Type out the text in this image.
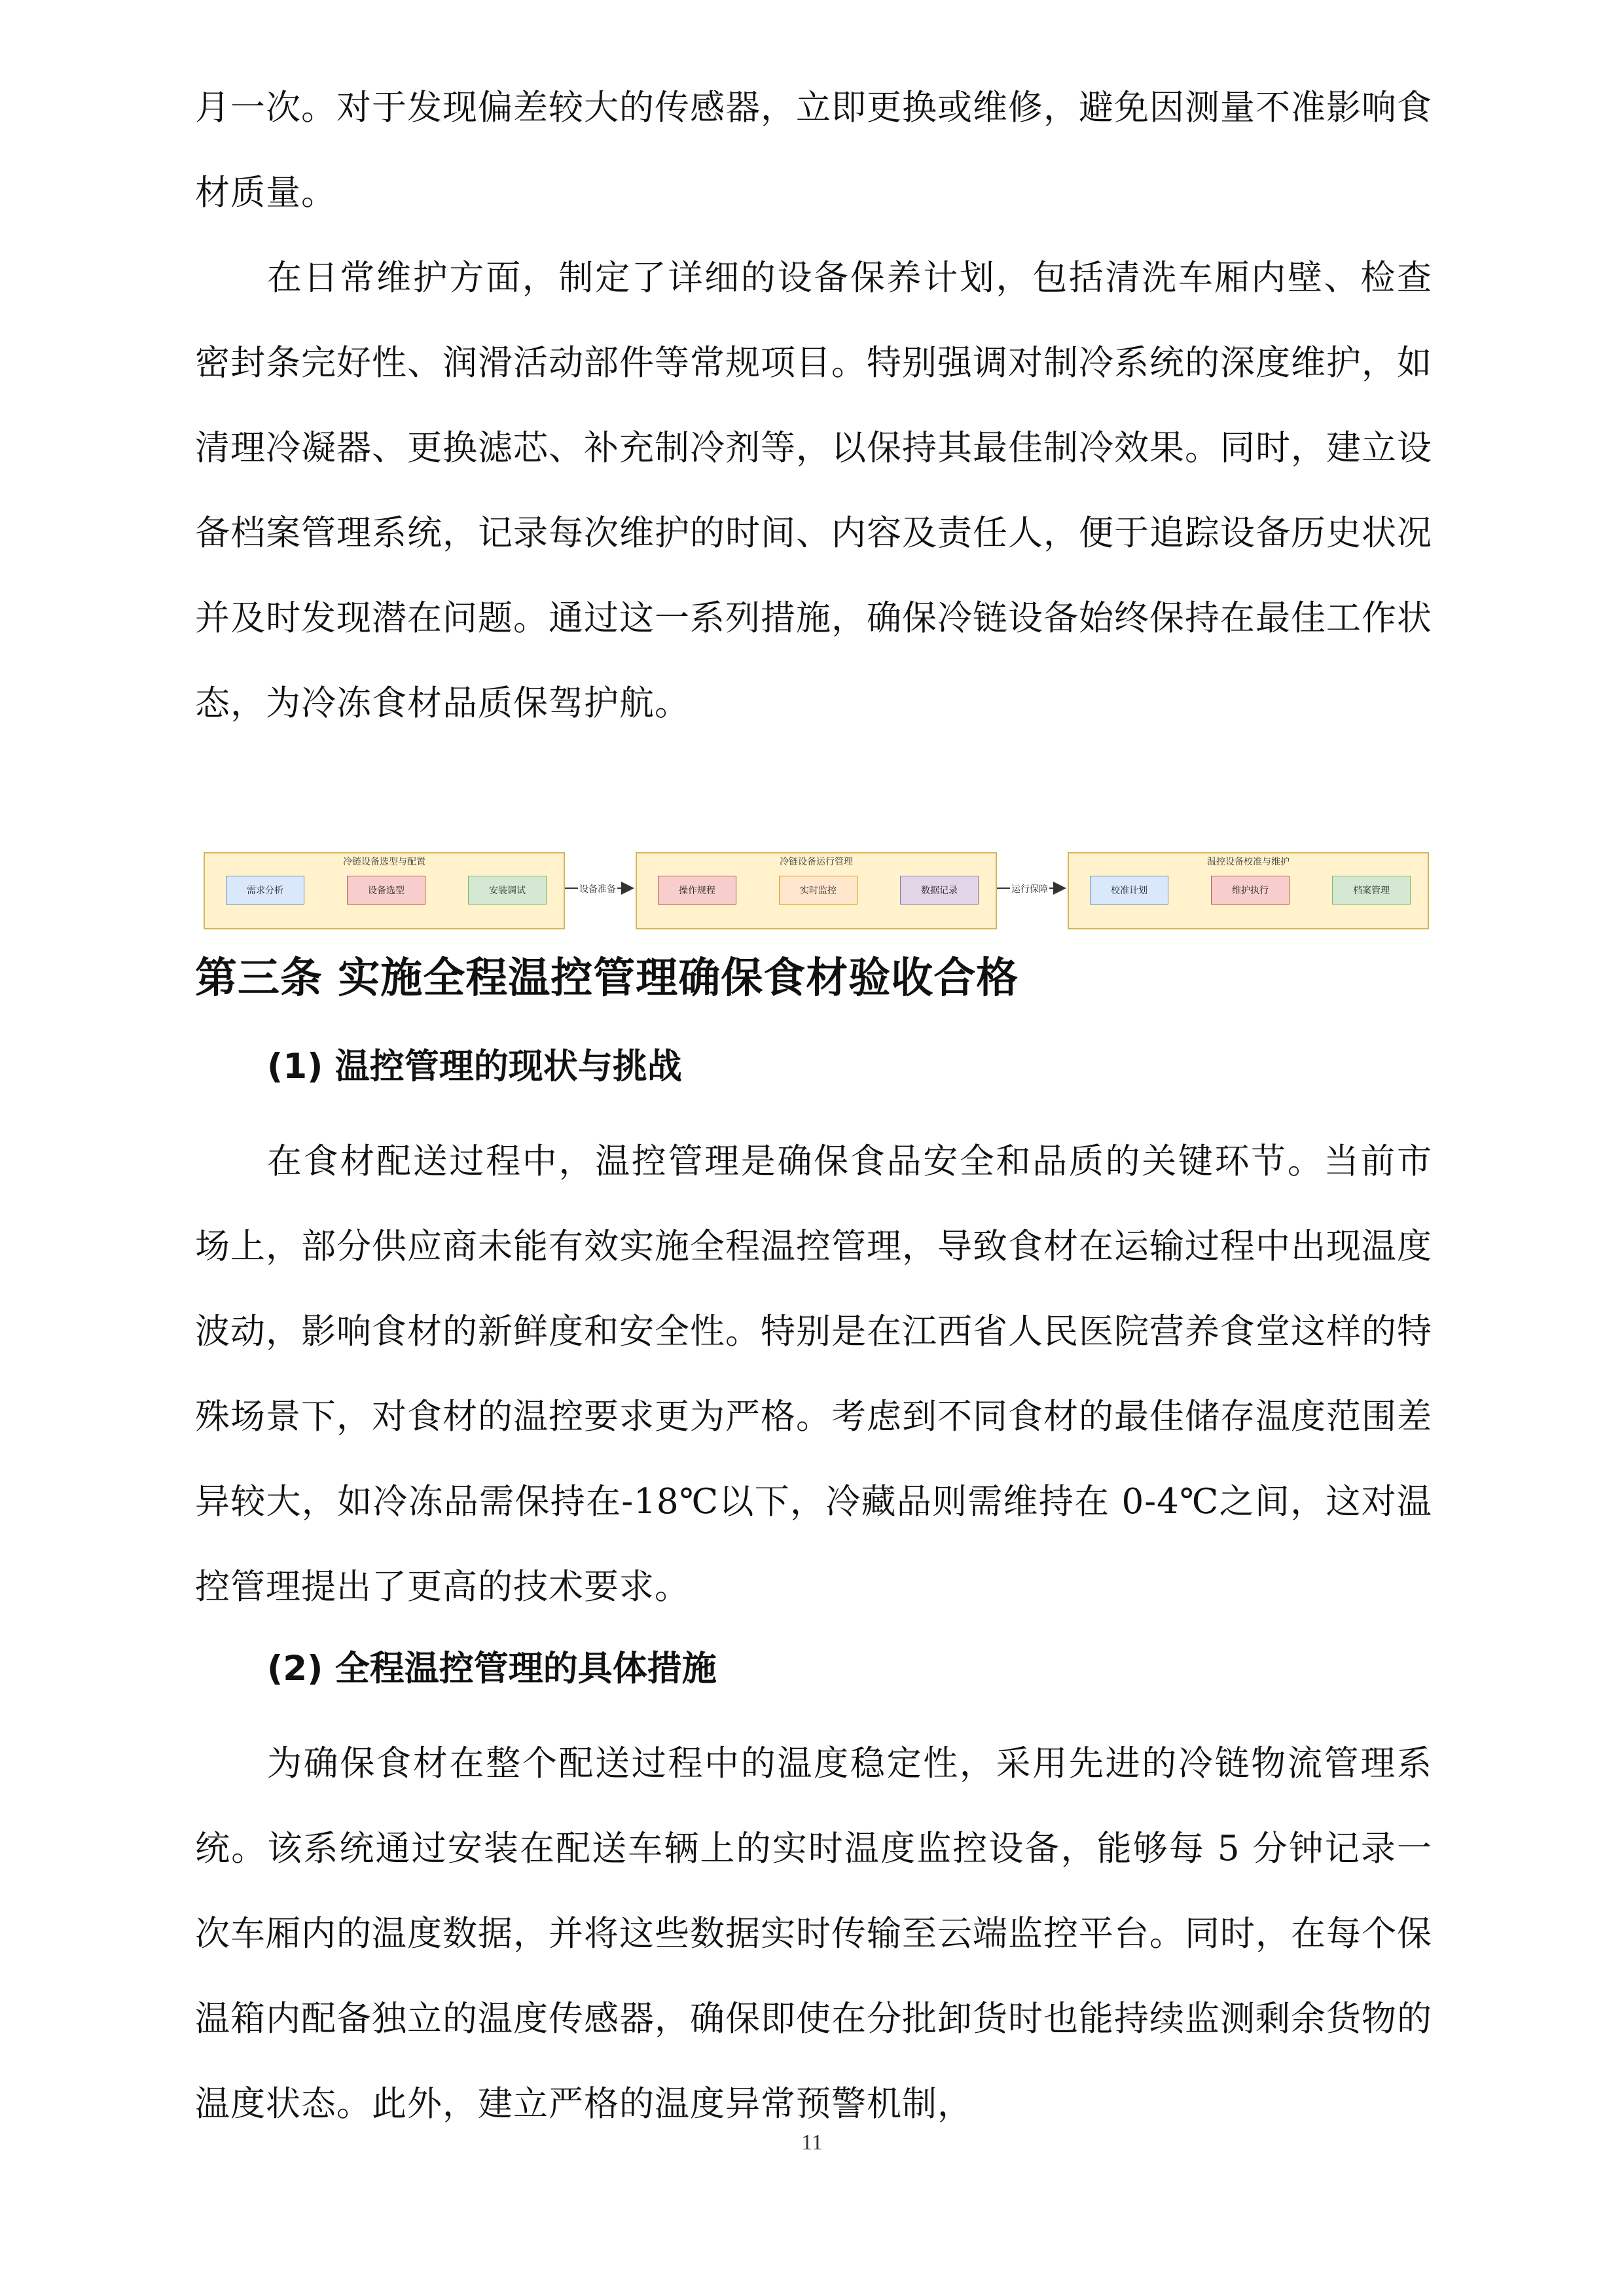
月一次。对于发现偏差较大的传感器，立即更换或维修，避免因测量不准影响食材质量。

在日常维护方面，制定了详细的设备保养计划，包括清洗车厢内壁、检查密封条完好性、润滑活动部件等常规项目。特别强调对制冷系统的深度维护，如清理冷凝器、更换滤芯、补充制冷剂等，以保持其最佳制冷效果。同时，建立设备档案管理系统，记录每次维护的时间、内容及责任人，便于追踪设备历史状况并及时发现潜在问题。通过这一系列措施，确保冷链设备始终保持在最佳工作状态，为冷冻食材品质保驾护航。

冷链设备选型与配置
需求分析	设备选型	安装调试
冷链设备运行管理
操作规程	实时监控	数据记录
温控设备校准与维护
校准计划	维护执行	档案管理
设备准备	运行保障
第三条 实施全程温控管理确保食材验收合格
(1) 温控管理的现状与挑战

在食材配送过程中，温控管理是确保食品安全和品质的关键环节。当前市场上，部分供应商未能有效实施全程温控管理，导致食材在运输过程中出现温度波动，影响食材的新鲜度和安全性。特别是在江西省人民医院营养食堂这样的特殊场景下，对食材的温控要求更为严格。考虑到不同食材的最佳储存温度范围差异较大，如冷冻品需保持在-18℃以下，冷藏品则需维持在 0-4℃之间，这对温控管理提出了更高的技术要求。

(2) 全程温控管理的具体措施

为确保食材在整个配送过程中的温度稳定性，采用先进的冷链物流管理系统。该系统通过安装在配送车辆上的实时温度监控设备，能够每 5 分钟记录一次车厢内的温度数据，并将这些数据实时传输至云端监控平台。同时，在每个保温箱内配备独立的温度传感器，确保即使在分批卸货时也能持续监测剩余货物的温度状态。此外，建立严格的温度异常预警机制，

11
